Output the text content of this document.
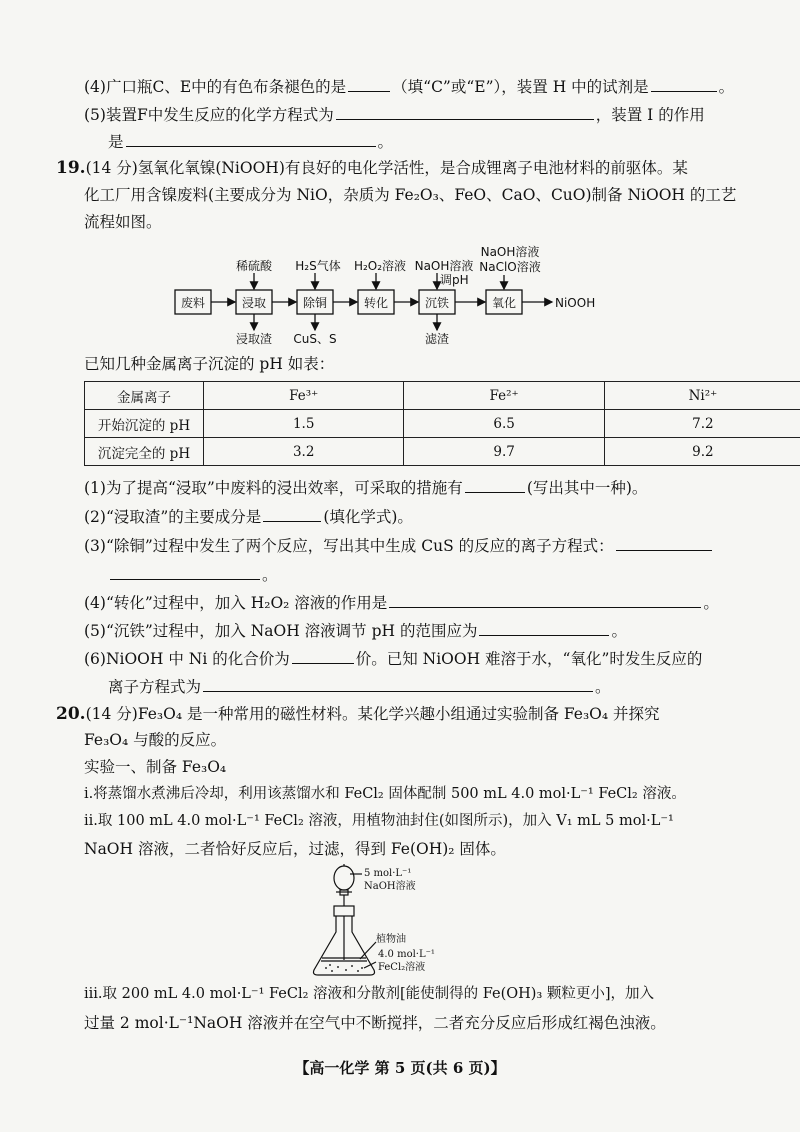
(4)广口瓶C、E中的有色布条褪色的是	（填“C”或“E”），装置 H 中的试剂是	。
(5)装置F中发生反应的化学方程式为	，装置 I 的作用
是	。
19.(14 分)氢氧化氧镍(NiOOH)有良好的电化学活性，是合成锂离子电池材料的前驱体。某
化工厂用含镍废料(主要成分为 NiO，杂质为 Fe₂O₃、FeO、CaO、CuO)制备 NiOOH 的工艺
流程如图。
废料	浸取	除铜	转化	沉铁	氧化	NiOOH
稀硫酸 H₂S气体 H₂O₂溶液 NaOH溶液
调pH
NaOH溶液
NaClO溶液
浸取渣 CuS、S	滤渣
已知几种金属离子沉淀的 pH 如表：
金属离子	Fe³⁺	Fe²⁺	Ni²⁺
开始沉淀的 pH	1.5	6.5	7.2
沉淀完全的 pH	3.2	9.7	9.2
(1)为了提高“浸取”中废料的浸出效率，可采取的措施有	(写出其中一种)。
(2)“浸取渣”的主要成分是	(填化学式)。
(3)“除铜”过程中发生了两个反应，写出其中生成 CuS 的反应的离子方程式：
。
(4)“转化”过程中，加入 H₂O₂ 溶液的作用是	。
(5)“沉铁”过程中，加入 NaOH 溶液调节 pH 的范围应为	。
(6)NiOOH 中 Ni 的化合价为	价。已知 NiOOH 难溶于水，“氧化”时发生反应的
离子方程式为	。
20.(14 分)Fe₃O₄ 是一种常用的磁性材料。某化学兴趣小组通过实验制备 Fe₃O₄ 并探究
Fe₃O₄ 与酸的反应。
实验一、制备 Fe₃O₄
ⅰ.将蒸馏水煮沸后冷却，利用该蒸馏水和 FeCl₂ 固体配制 500 mL 4.0 mol·L⁻¹ FeCl₂ 溶液。
ⅱ.取 100 mL 4.0 mol·L⁻¹ FeCl₂ 溶液，用植物油封住(如图所示)，加入 V₁ mL 5 mol·L⁻¹
NaOH 溶液，二者恰好反应后，过滤，得到 Fe(OH)₂ 固体。
5 mol·L⁻¹
NaOH溶液
植物油
4.0 mol·L⁻¹
FeCl₂溶液
ⅲ.取 200 mL 4.0 mol·L⁻¹ FeCl₂ 溶液和分散剂[能使制得的 Fe(OH)₃ 颗粒更小]，加入
过量 2 mol·L⁻¹NaOH 溶液并在空气中不断搅拌，二者充分反应后形成红褐色浊液。
【高一化学 第 5 页(共 6 页)】
